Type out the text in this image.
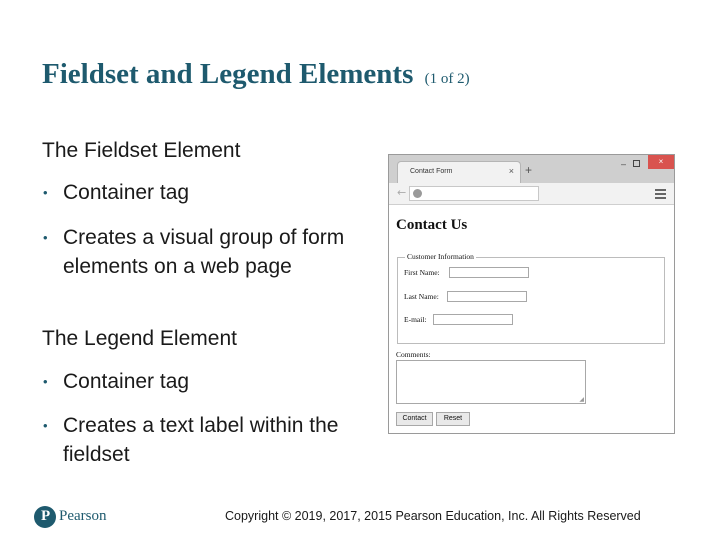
Fieldset and Legend Elements (1 of 2)
The Fieldset Element
• Container tag
• Creates a visual group of form elements on a web page
The Legend Element
• Container tag
• Creates a text label within the fieldset
Contact Form	× +	–	×
←
Contact Us
Customer Information
First Name:
Last Name:
E-mail:
Comments:
◢
Contact	Reset
P Pearson	Copyright © 2019, 2017, 2015 Pearson Education, Inc. All Rights Reserved
